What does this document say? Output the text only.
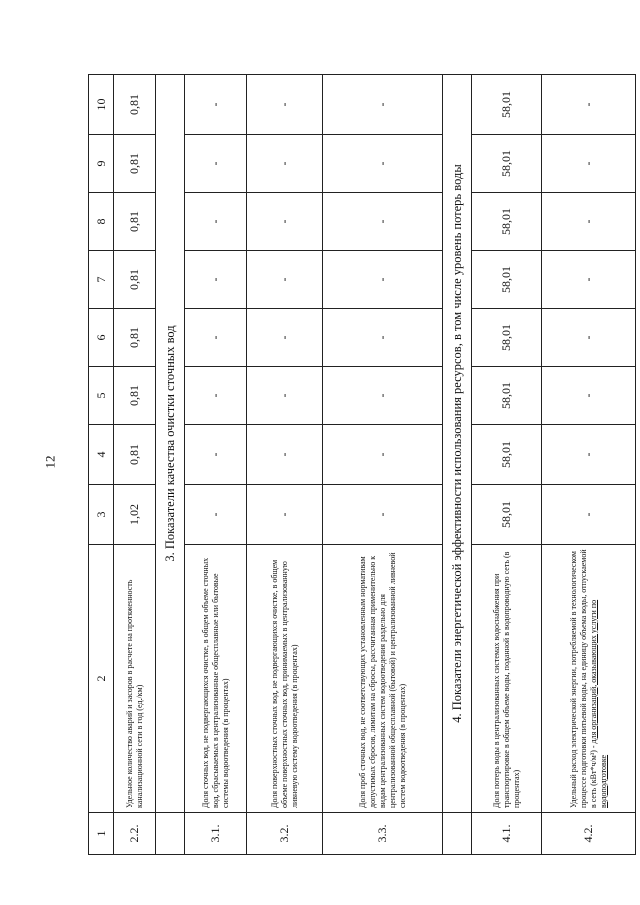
12
1	2	3	4	5	6	7	8	9	10
2.2.	Удельное количество аварий и засоров в расчете на протяженность канализационной сети в год (ед./км)	1,02	0,81	0,81	0,81	0,81	0,81	0,81	0,81
	3. Показатели качества очистки сточных вод								
3.1.	Доля сточных вод, не подвергающихся очистке, в общем объеме сточных вод, сбрасываемых в централизованные общесплавные или бытовые системы водоотведения (в процентах)	-	-	-	-	-	-	-	-
3.2.	Доля поверхностных сточных вод, не подвергающихся очистке, в общем объеме поверхностных сточных вод, принимаемых в централизованную ливневую систему водоотведения (в процентах)	-	-	-	-	-	-	-	-
3.3.	Доля проб сточных вод, не соответствующих установленным нормативам допустимых сбросов, лимитам на сбросы, рассчитанная применительно к видам централизованных систем водоотведения раздельно для централизованной общесплавной (бытовой) и централизованной ливневой систем водоотведения (в процентах)	-	-	-	-	-	-	-	-
	4. Показатели энергетической эффективности использования ресурсов, в том числе уровень потерь воды								
4.1.	Доля потерь воды в централизованных системах водоснабжения при транспортировке в общем объеме воды, поданной в водопроводную сеть (в процентах)	58,01	58,01	58,01	58,01	58,01	58,01	58,01	58,01
4.2.	Удельный расход электрической энергии, потребляемой в технологическом процессе подготовки питьевой воды, на единицу объема воды, отпускаемой в сеть (кВт*ч/м³) - для организаций, оказывающих услуги по водоподготовке	-	-	-	-	-	-	-	-
